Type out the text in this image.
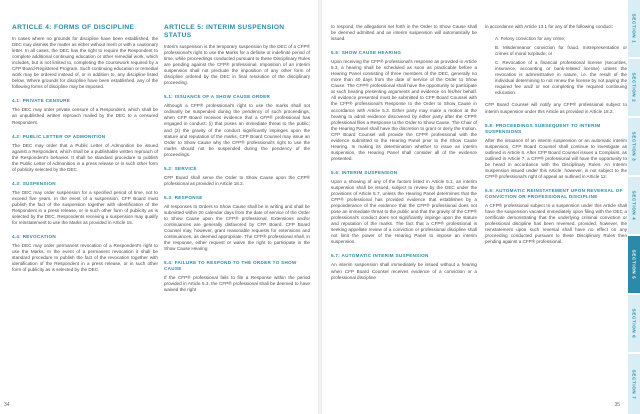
ARTICLE 4: FORMS OF DISCIPLINE

In cases where no grounds for discipline have been established, the DEC may dismiss the matter as either without merit or with a cautionary letter. In all cases, the DEC has the right to require the Respondent to complete additional continuing education or other remedial work, which includes, but is not limited to, completing the coursework required by a CFP Board-Registered Program. Such continuing education or remedial work may be ordered instead of, or in addition to, any discipline listed below. Where grounds for discipline have been established, any of the following forms of discipline may be imposed.

4.1: PRIVATE CENSURE

The DEC may order private censure of a Respondent, which shall be an unpublished written reproach mailed by the DEC to a censured Respondent.

4.2: PUBLIC LETTER OF ADMONITION

The DEC may order that a Public Letter of Admonition be issued against a Respondent, which shall be a publishable written reproach of the Respondent's behavior. It shall be standard procedure to publish the Public Letter of Admonition in a press release or in such other form of publicity selected by the DEC.

4.3: SUSPENSION

The DEC may order suspension for a specified period of time, not to exceed five years. In the event of a suspension, CFP Board must publish the fact of the suspension together with identification of the Respondent in a press release, or in such other form of publicity as is selected by the DEC. Respondents receiving a suspension may qualify for reinstatement to use the Marks as provided in Article 15.

4.4: REVOCATION

The DEC may order permanent revocation of a Respondent's right to use the Marks. In the event of a permanent revocation it shall be standard procedure to publish the fact of the revocation together with identification of the Respondent in a press release, or in such other form of publicity as is selected by the DEC.

ARTICLE 5: INTERIM SUSPENSION STATUS

Interim suspension is the temporary suspension by the DEC of a CFP® professional's right to use the Marks for a definite or indefinite period of time, while proceedings conducted pursuant to these Disciplinary Rules are pending against the CFP® professional. Imposition of an interim suspension shall not preclude the imposition of any other form of discipline ordered by the DEC in final resolution of the disciplinary proceeding.

5.1: ISSUANCE OF A SHOW CAUSE ORDER

Although a CFP® professional's right to use the marks shall not ordinarily be suspended during the pendency of such proceedings, when CFP Board receives evidence that a CFP® professional has engaged in conduct: (i) that poses an immediate threat to the public; and (2) the gravity of the conduct significantly impinges upon the stature and reputation of the marks, CFP Board Counsel may issue an Order to Show Cause why the CFP® professional's right to use the marks should not be suspended during the pendency of the proceedings.

5.2: SERVICE

CFP Board shall serve the Order to Show Cause upon the CFP® professional as provided in Article 18.2.

5.3: RESPONSE

All responses to Orders to Show Cause shall be in writing and shall be submitted within 20 calendar days from the date of service of the Order to Show Cause upon the CFP® professional. Extensions and/or continuances are generally disfavored by CFP Board. CFP Board Counsel may, however, grant reasonable requests for extensions and continuances, as deemed appropriate. The CFP® professional shall, in the response, either request or waive the right to participate in the Show Cause Hearing.

5.4: FAILURE TO RESPOND TO THE ORDER TO SHOW CAUSE

If the CFP® professional fails to file a Response within the period provided in Article 5.3, the CFP® professional shall be deemed to have waived the right

34

to respond, the allegations set forth in the Order to Show Cause shall be deemed admitted and an interim suspension will automatically be issued.

5.5: SHOW CAUSE HEARING

Upon receiving the CFP® professional's response as provided in Article 5.3, a hearing shall be scheduled as soon as practicable before a Hearing Panel consisting of three members of the DEC, generally no more than 40 days from the date of service of the Order to Show Cause. The CFP® professional shall have the opportunity to participate at such hearing presenting arguments and evidence on his/her behalf. All evidence presented must be submitted to CFP Board Counsel with the CFP® professional's Response to the Order to Show Cause in accordance with Article 5.3. Either party may make a motion at the hearing to admit evidence discovered by either party after the CFP® professional files a Response to the Order to Show Cause. The Chair of the Hearing Panel shall have the discretion to grant or deny the motion. CFP Board Counsel will provide the CFP® professional with the evidence submitted to the Hearing Panel prior to the Show Cause Hearing. In making its determination whether to issue an interim suspension, the Hearing Panel shall consider all of the evidence presented.

5.6: INTERIM SUSPENSION

Upon a showing of any of the factors listed in Article 5.1, an interim suspension shall be issued, subject to review by the DEC under the provisions of Article 5.7, unless the Hearing Panel determines that the CFP® professional has provided evidence that establishes by a preponderance of the evidence that the CFP® professional does not pose an immediate threat to the public and that the gravity of the CFP® professional's conduct does not significantly impinge upon the stature and reputation of the marks. The fact that a CFP® professional is seeking appellate review of a conviction or professional discipline shall not limit the power of the Hearing Panel to impose an interim suspension.

5.7: AUTOMATIC INTERIM SUSPENSION

An interim suspension shall immediately be issued without a hearing when CFP Board Counsel receives evidence of a conviction or a professional discipline

in accordance with Article 13.1 for any of the following conduct:

A. Felony conviction for any crime;
B. Misdemeanor conviction for fraud, misrepresentation or crimes of moral turpitude; or
C. Revocation of a financial professional license (securities, insurance, accounting or bank-related license) unless the revocation is administrative in nature, i.e. the result of the individual determining to not renew the license by not paying the required fee and/ or not completing the required continuing education.

CFP Board Counsel will notify any CFP® professional subject to interim suspension under this Article as provided in Article 18.2.

5.8: PROCEEDINGS SUBSEQUENT TO INTERIM SUSPENSIONS

After the issuance of an interim suspension or an automatic interim suspension, CFP Board Counsel shall continue to investigate as outlined in Article 6. After CFP Board Counsel issues a Complaint, as outlined in Article 7, a CFP® professional will have the opportunity to be heard in accordance with the Disciplinary Rules. An Interim Suspension issued under this Article, however, is not subject to the CFP® professional's right of appeal as outlined in Article 12.

5.9: AUTOMATIC REINSTATEMENT UPON REVERSAL OF CONVICTION OR PROFESSIONAL DISCIPLINE

A CFP® professional subject to a suspension under this Article shall have the suspension vacated immediately upon filing with the DEC a certificate demonstrating that the underlying criminal conviction or professional discipline has been reversed, provided, however, the reinstatement upon such reversal shall have no effect on any proceeding conducted pursuant to these Disciplinary Rules then pending against a CFP® professional.

35
SECTION 1
SECTION 2
SECTION 3
SECTION 4
SECTION 5
SECTION 6
SECTION 7
